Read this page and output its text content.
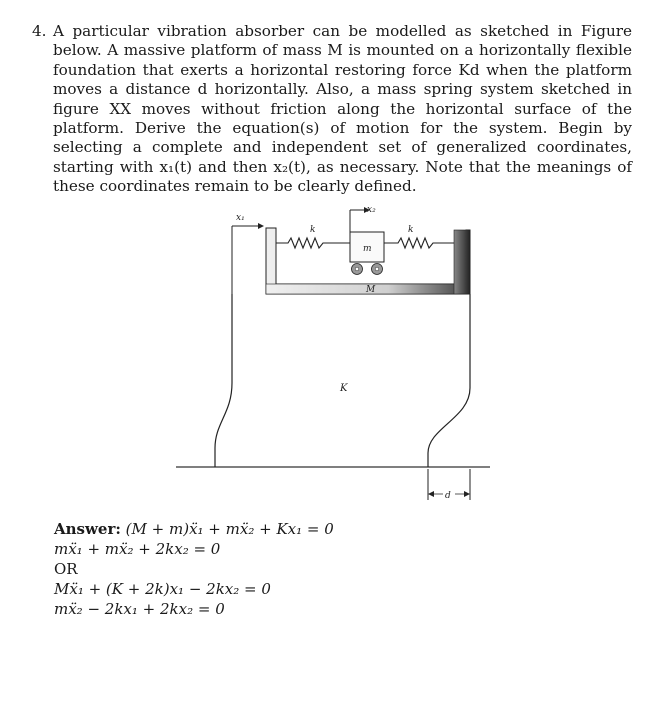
4. A particular vibration absorber can be modelled as sketched in Figure below. A massive platform of mass M is mounted on a horizontally flexible foundation that exerts a horizontal restoring force Kd when the platform moves a distance d horizontally. Also, a mass spring system sketched in figure XX moves without friction along the horizontal surface of the platform. Derive the equation(s) of motion for the system. Begin by selecting a complete and independent set of generalized coordinates, starting with x₁(t) and then x₂(t), as necessary. Note that the meanings of these coordinates remain to be clearly defined.
x₁
x₂
k
m
k
M
K
d
Answer: (M + m)ẍ₁ + mẍ₂ + Kx₁ = 0
mẍ₁ + mẍ₂ + 2kx₂ = 0
OR
Mẍ₁ + (K + 2k)x₁ − 2kx₂ = 0
mẍ₂ − 2kx₁ + 2kx₂ = 0
